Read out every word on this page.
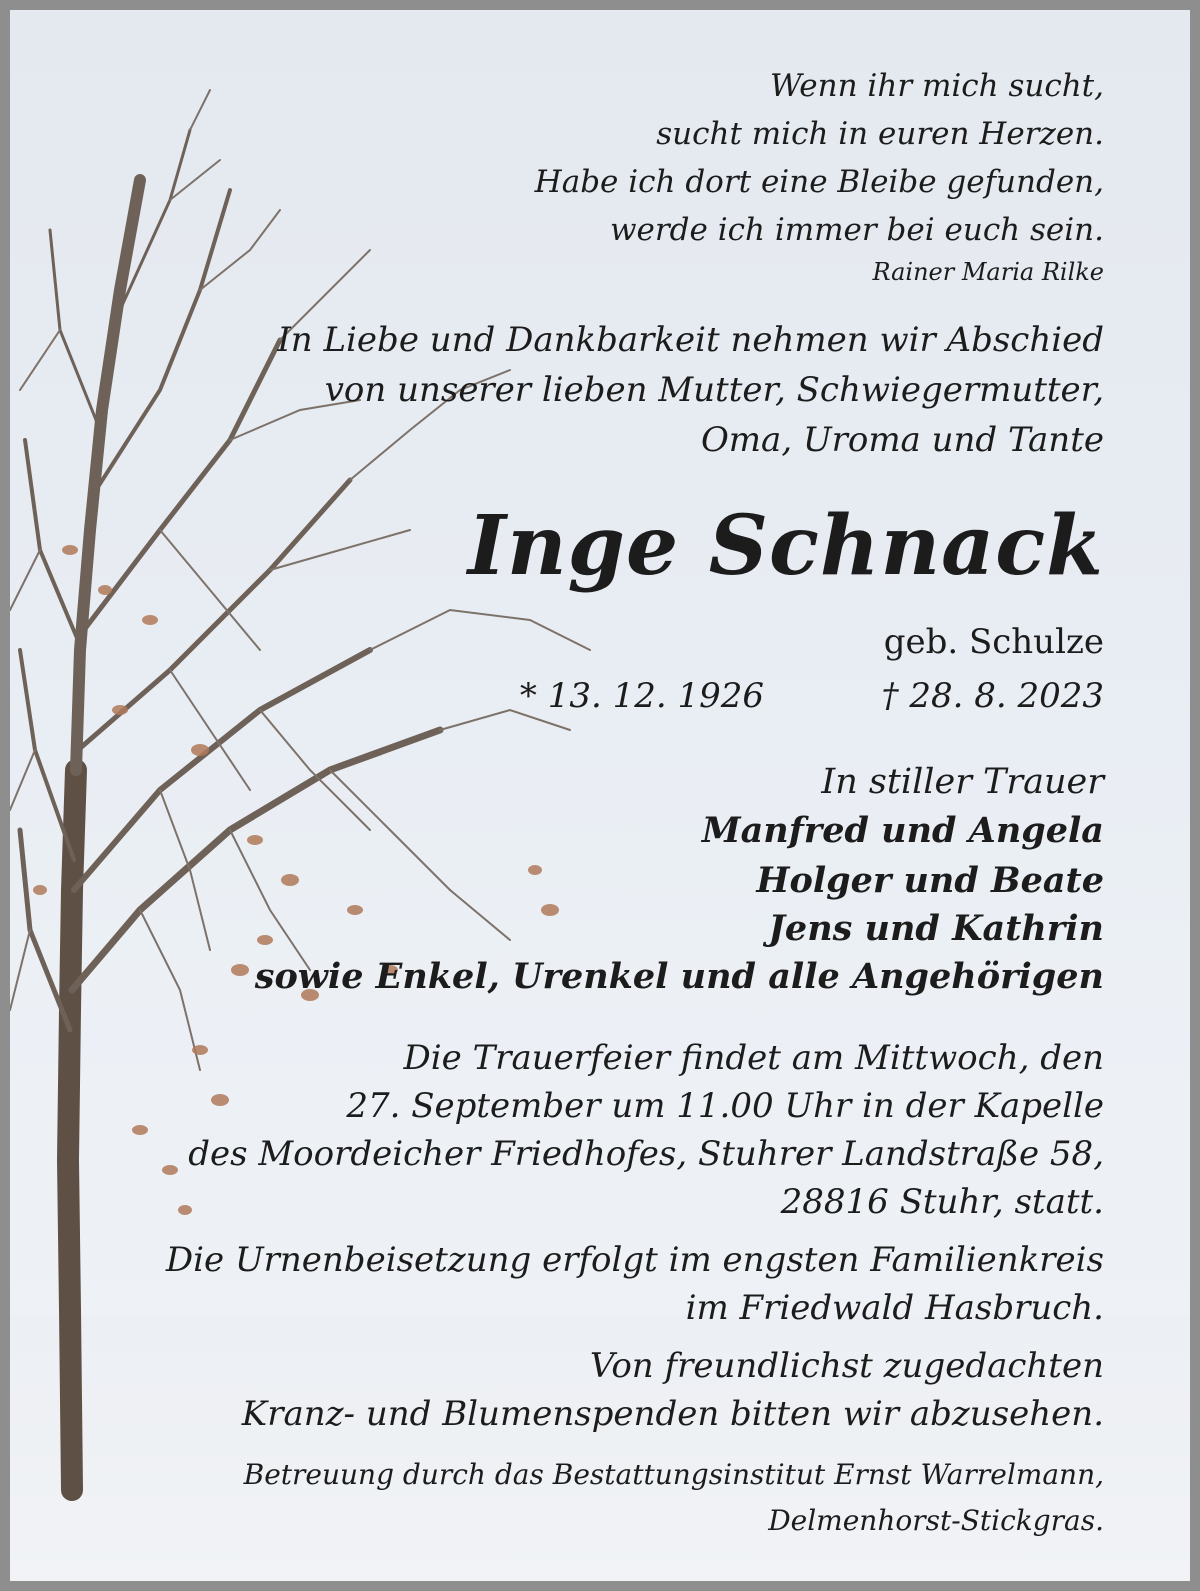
Wenn ihr mich sucht,
sucht mich in euren Herzen.
Habe ich dort eine Bleibe gefunden,
werde ich immer bei euch sein.
Rainer Maria Rilke
In Liebe und Dankbarkeit nehmen wir Abschied
von unserer lieben Mutter, Schwiegermutter,
Oma, Uroma und Tante
Inge Schnack
geb. Schulze
* 13. 12. 1926	† 28. 8. 2023
In stiller Trauer
Manfred und Angela
Holger und Beate
Jens und Kathrin
sowie Enkel, Urenkel und alle Angehörigen
Die Trauerfeier findet am Mittwoch, den
27. September um 11.00 Uhr in der Kapelle
des Moordeicher Friedhofes, Stuhrer Landstraße 58,
28816 Stuhr, statt.
Die Urnenbeisetzung erfolgt im engsten Familienkreis
im Friedwald Hasbruch.
Von freundlichst zugedachten
Kranz- und Blumenspenden bitten wir abzusehen.
Betreuung durch das Bestattungsinstitut Ernst Warrelmann,
Delmenhorst-Stickgras.
